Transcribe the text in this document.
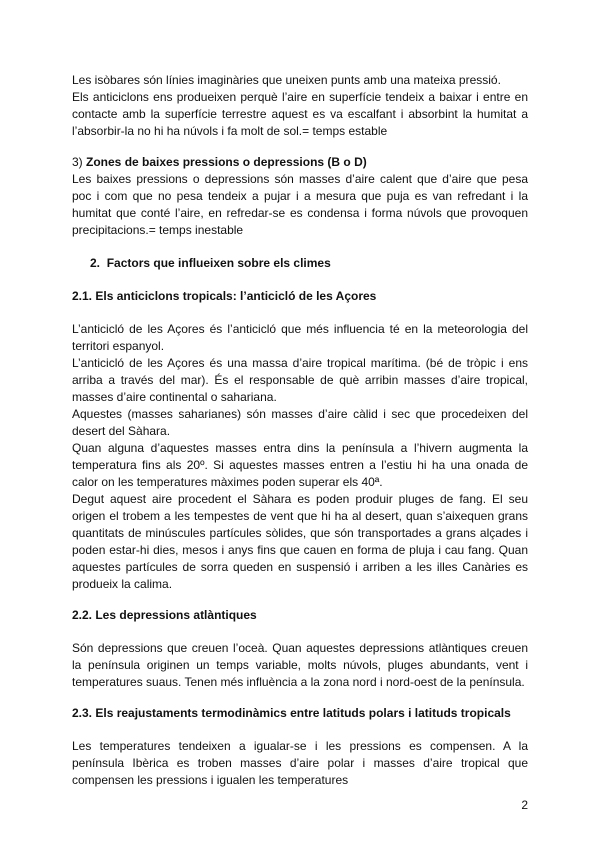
Les isòbares són línies imaginàries que uneixen punts amb una mateixa pressió.

Els anticiclons ens produeixen perquè l’aire en superfície tendeix a baixar i entre en contacte amb la superfície terrestre aquest es va escalfant i absorbint la humitat a l’absorbir-la no hi ha núvols i fa molt de sol.= temps estable

3) Zones de baixes pressions o depressions (B o D)

Les baixes pressions o depressions són masses d’aire calent que d’aire que pesa poc i com que no pesa tendeix a pujar i a mesura que puja es van refredant i la humitat que conté l’aire, en refredar-se es condensa i forma núvols que provoquen precipitacions.= temps inestable

2. Factors que influeixen sobre els climes

2.1. Els anticiclons tropicals: l’anticicló de les Açores

L’anticicló de les Açores és l’anticicló que més influencia té en la meteorologia del territori espanyol.

L’anticicló de les Açores és una massa d’aire tropical marítima. (bé de tròpic i ens arriba a través del mar). És el responsable de què arribin masses d’aire tropical, masses d’aire continental o sahariana.

Aquestes (masses saharianes) són masses d’aire càlid i sec que procedeixen del desert del Sàhara.

Quan alguna d’aquestes masses entra dins la península a l’hivern augmenta la temperatura fins als 20º. Si aquestes masses entren a l’estiu hi ha una onada de calor on les temperatures màximes poden superar els 40ª.

Degut aquest aire procedent el Sàhara es poden produir pluges de fang. El seu origen el trobem a les tempestes de vent que hi ha al desert, quan s’aixequen grans quantitats de minúscules partícules sòlides, que són transportades a grans alçades i poden estar-hi dies, mesos i anys fins que cauen en forma de pluja i cau fang. Quan aquestes partícules de sorra queden en suspensió i arriben a les illes Canàries es produeix la calima.

2.2. Les depressions atlàntiques

Són depressions que creuen l’oceà. Quan aquestes depressions atlàntiques creuen la península originen un temps variable, molts núvols, pluges abundants, vent i temperatures suaus. Tenen més influència a la zona nord i nord-oest de la península.

2.3. Els reajustaments termodinàmics entre latituds polars i latituds tropicals

Les temperatures tendeixen a igualar-se i les pressions es compensen. A la península Ibèrica es troben masses d’aire polar i masses d’aire tropical que compensen les pressions i igualen les temperatures

2
